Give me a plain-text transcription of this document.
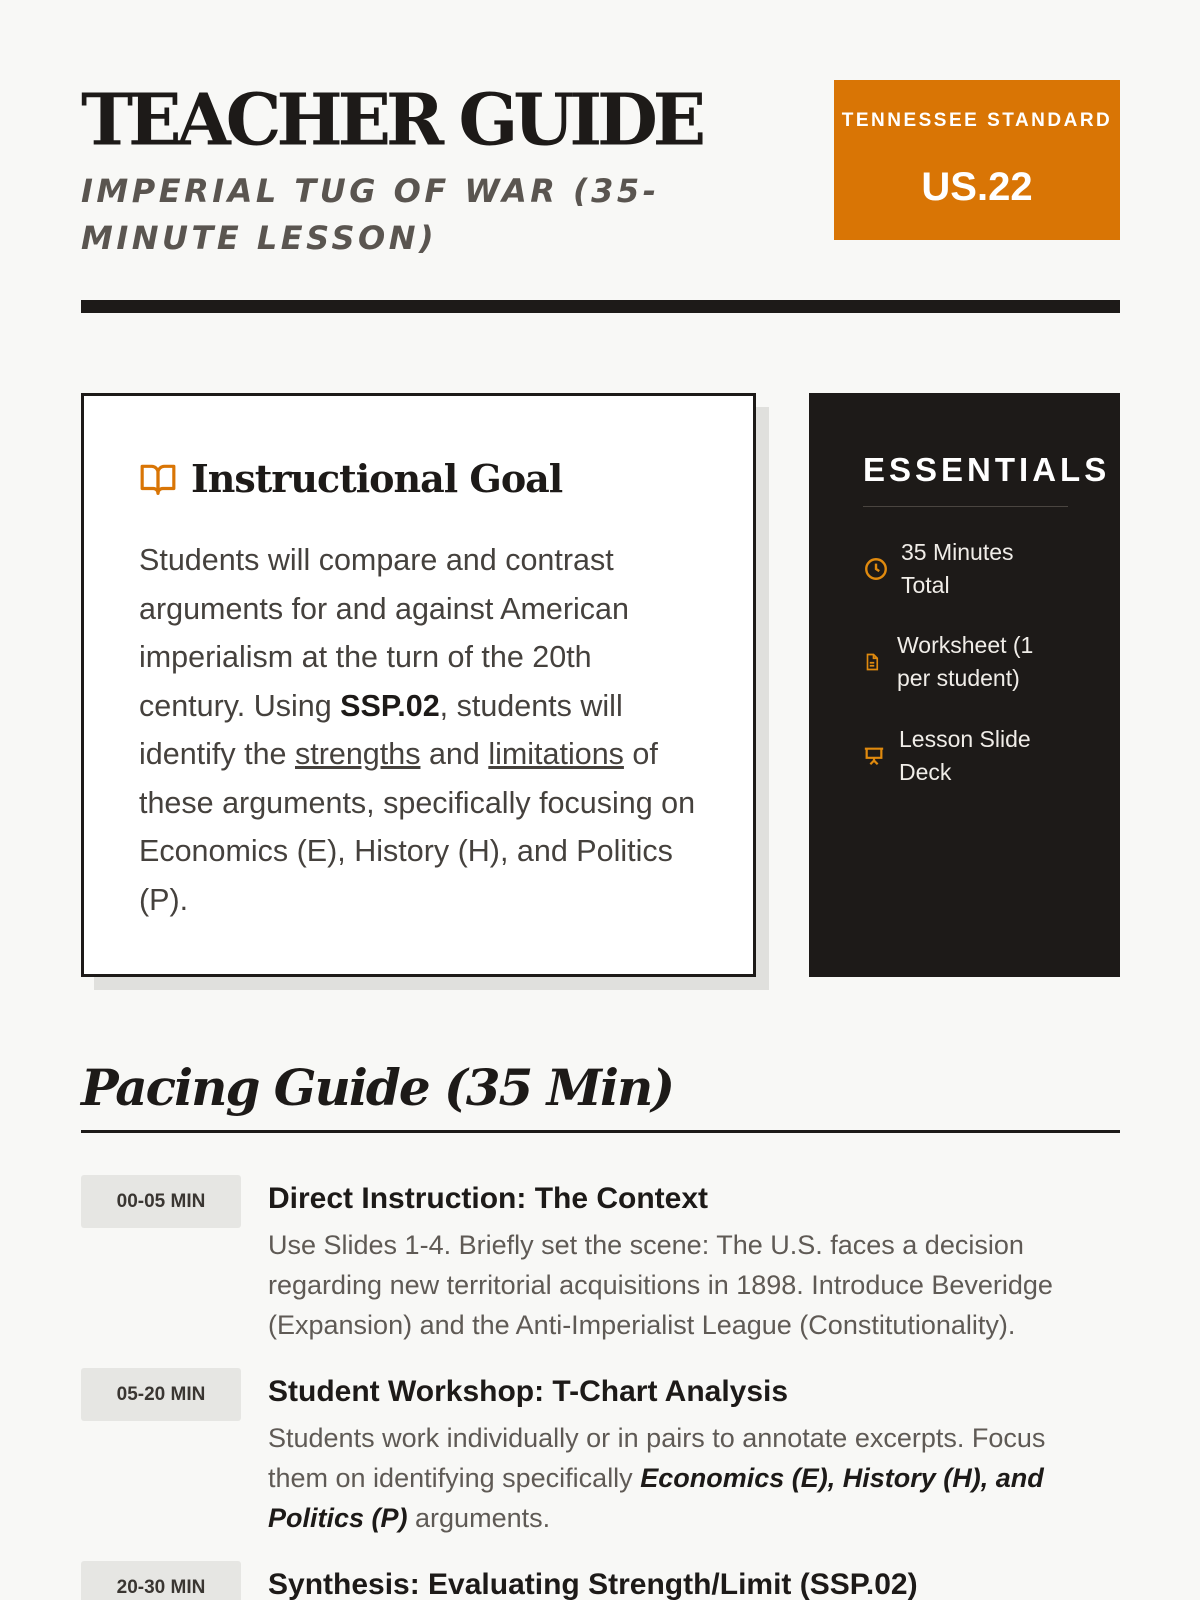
TEACHER GUIDE
IMPERIAL TUG OF WAR (35-MINUTE LESSON)
TENNESSEE STANDARD
US.22
Instructional Goal
Students will compare and contrast arguments for and against American imperialism at the turn of the 20th century. Using SSP.02, students will identify the strengths and limitations of these arguments, specifically focusing on Economics (E), History (H), and Politics (P).
ESSENTIALS
35 Minutes Total
Worksheet (1 per student)
Lesson Slide Deck
Pacing Guide (35 Min)
00-05 MIN	Direct Instruction: The Context
Use Slides 1-4. Briefly set the scene: The U.S. faces a decision regarding new territorial acquisitions in 1898. Introduce Beveridge (Expansion) and the Anti-Imperialist League (Constitutionality).
05-20 MIN	Student Workshop: T-Chart Analysis
Students work individually or in pairs to annotate excerpts. Focus them on identifying specifically Economics (E), History (H), and Politics (P) arguments.
20-30 MIN	Synthesis: Evaluating Strength/Limit (SSP.02)
